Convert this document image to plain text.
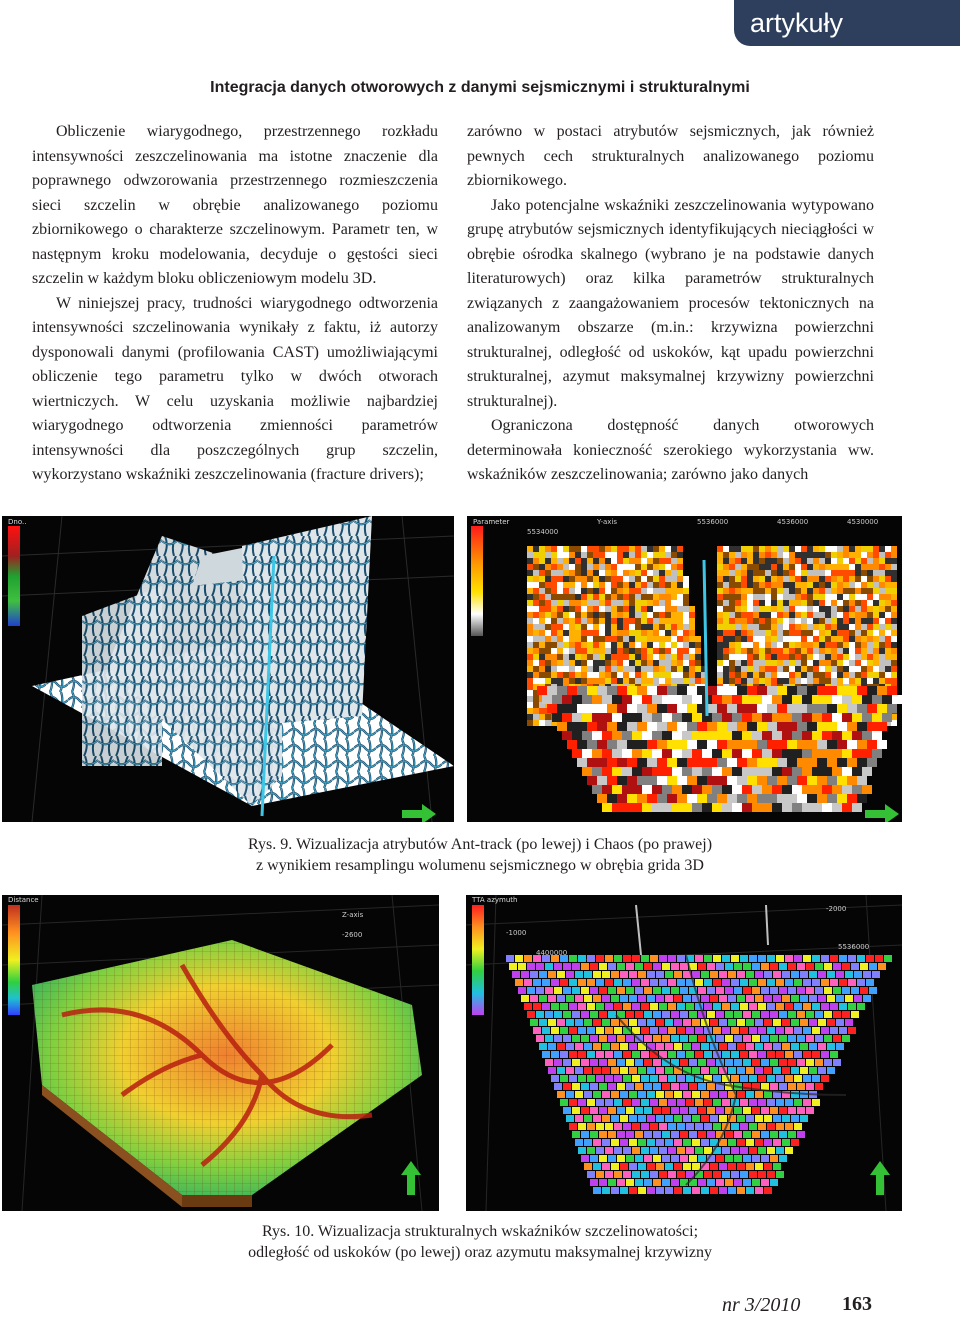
artykuły
Integracja danych otworowych z danymi sejsmicznymi i strukturalnymi

Obliczenie wiarygodnego, przestrzennego rozkładu intensywności zeszczelinowania ma istotne znaczenie dla poprawnego odwzorowania przestrzennego rozmieszczenia sieci szczelin w obrębie analizowanego poziomu zbiornikowego o charakterze szczelinowym. Parametr ten, w następnym kroku modelowania, decyduje o gęstości sieci szczelin w każdym bloku obliczeniowym modelu 3D.

W niniejszej pracy, trudności wiarygodnego odtworzenia intensywności szczelinowania wynikały z faktu, iż autorzy dysponowali danymi (profilowania CAST) umożliwiającymi obliczenie tego parametru tylko w dwóch otworach wiertniczych. W celu uzyskania możliwie najbardziej wiarygodnego odtworzenia zmienności parametrów intensywności dla poszczególnych grup szczelin, wykorzystano wskaźniki zeszczelinowania (fracture drivers);

zarówno w postaci atrybutów sejsmicznych, jak również pewnych cech strukturalnych analizowanego poziomu zbiornikowego.

Jako potencjalne wskaźniki zeszczelinowania wytypowano grupę atrybutów sejsmicznych identyfikujących nieciągłości w obrębie ośrodka skalnego (wybrano je na podstawie danych literaturowych) oraz kilka parametrów strukturalnych związanych z zaangażowaniem procesów tektonicznych na analizowanym obszarze (m.in.: krzywizna powierzchni strukturalnej, odległość od uskoków, kąt upadu powierzchni strukturalnej, azymut maksymalnej krzywizny powierzchni strukturalnej).

Ograniczona dostępność danych otworowych determinowała konieczność szerokiego wykorzystania ww. wskaźników zeszczelinowania; zarówno jako danych

Dno..	Parameter	Y-axis
5534000
5536000	4536000	4530000
Rys. 9. Wizualizacja atrybutów Ant-track (po lewej) i Chaos (po prawej)
z wynikiem resamplingu wolumenu sejsmicznego w obrębia grida 3D
Distance
Z-axis
-2600
TTA azymuth
-2000
5536000
4400000
-1000
Rys. 10. Wizualizacja strukturalnych wskaźników szczelinowatości;
odległość od uskoków (po lewej) oraz azymutu maksymalnej krzywizny
nr 3/2010 163
